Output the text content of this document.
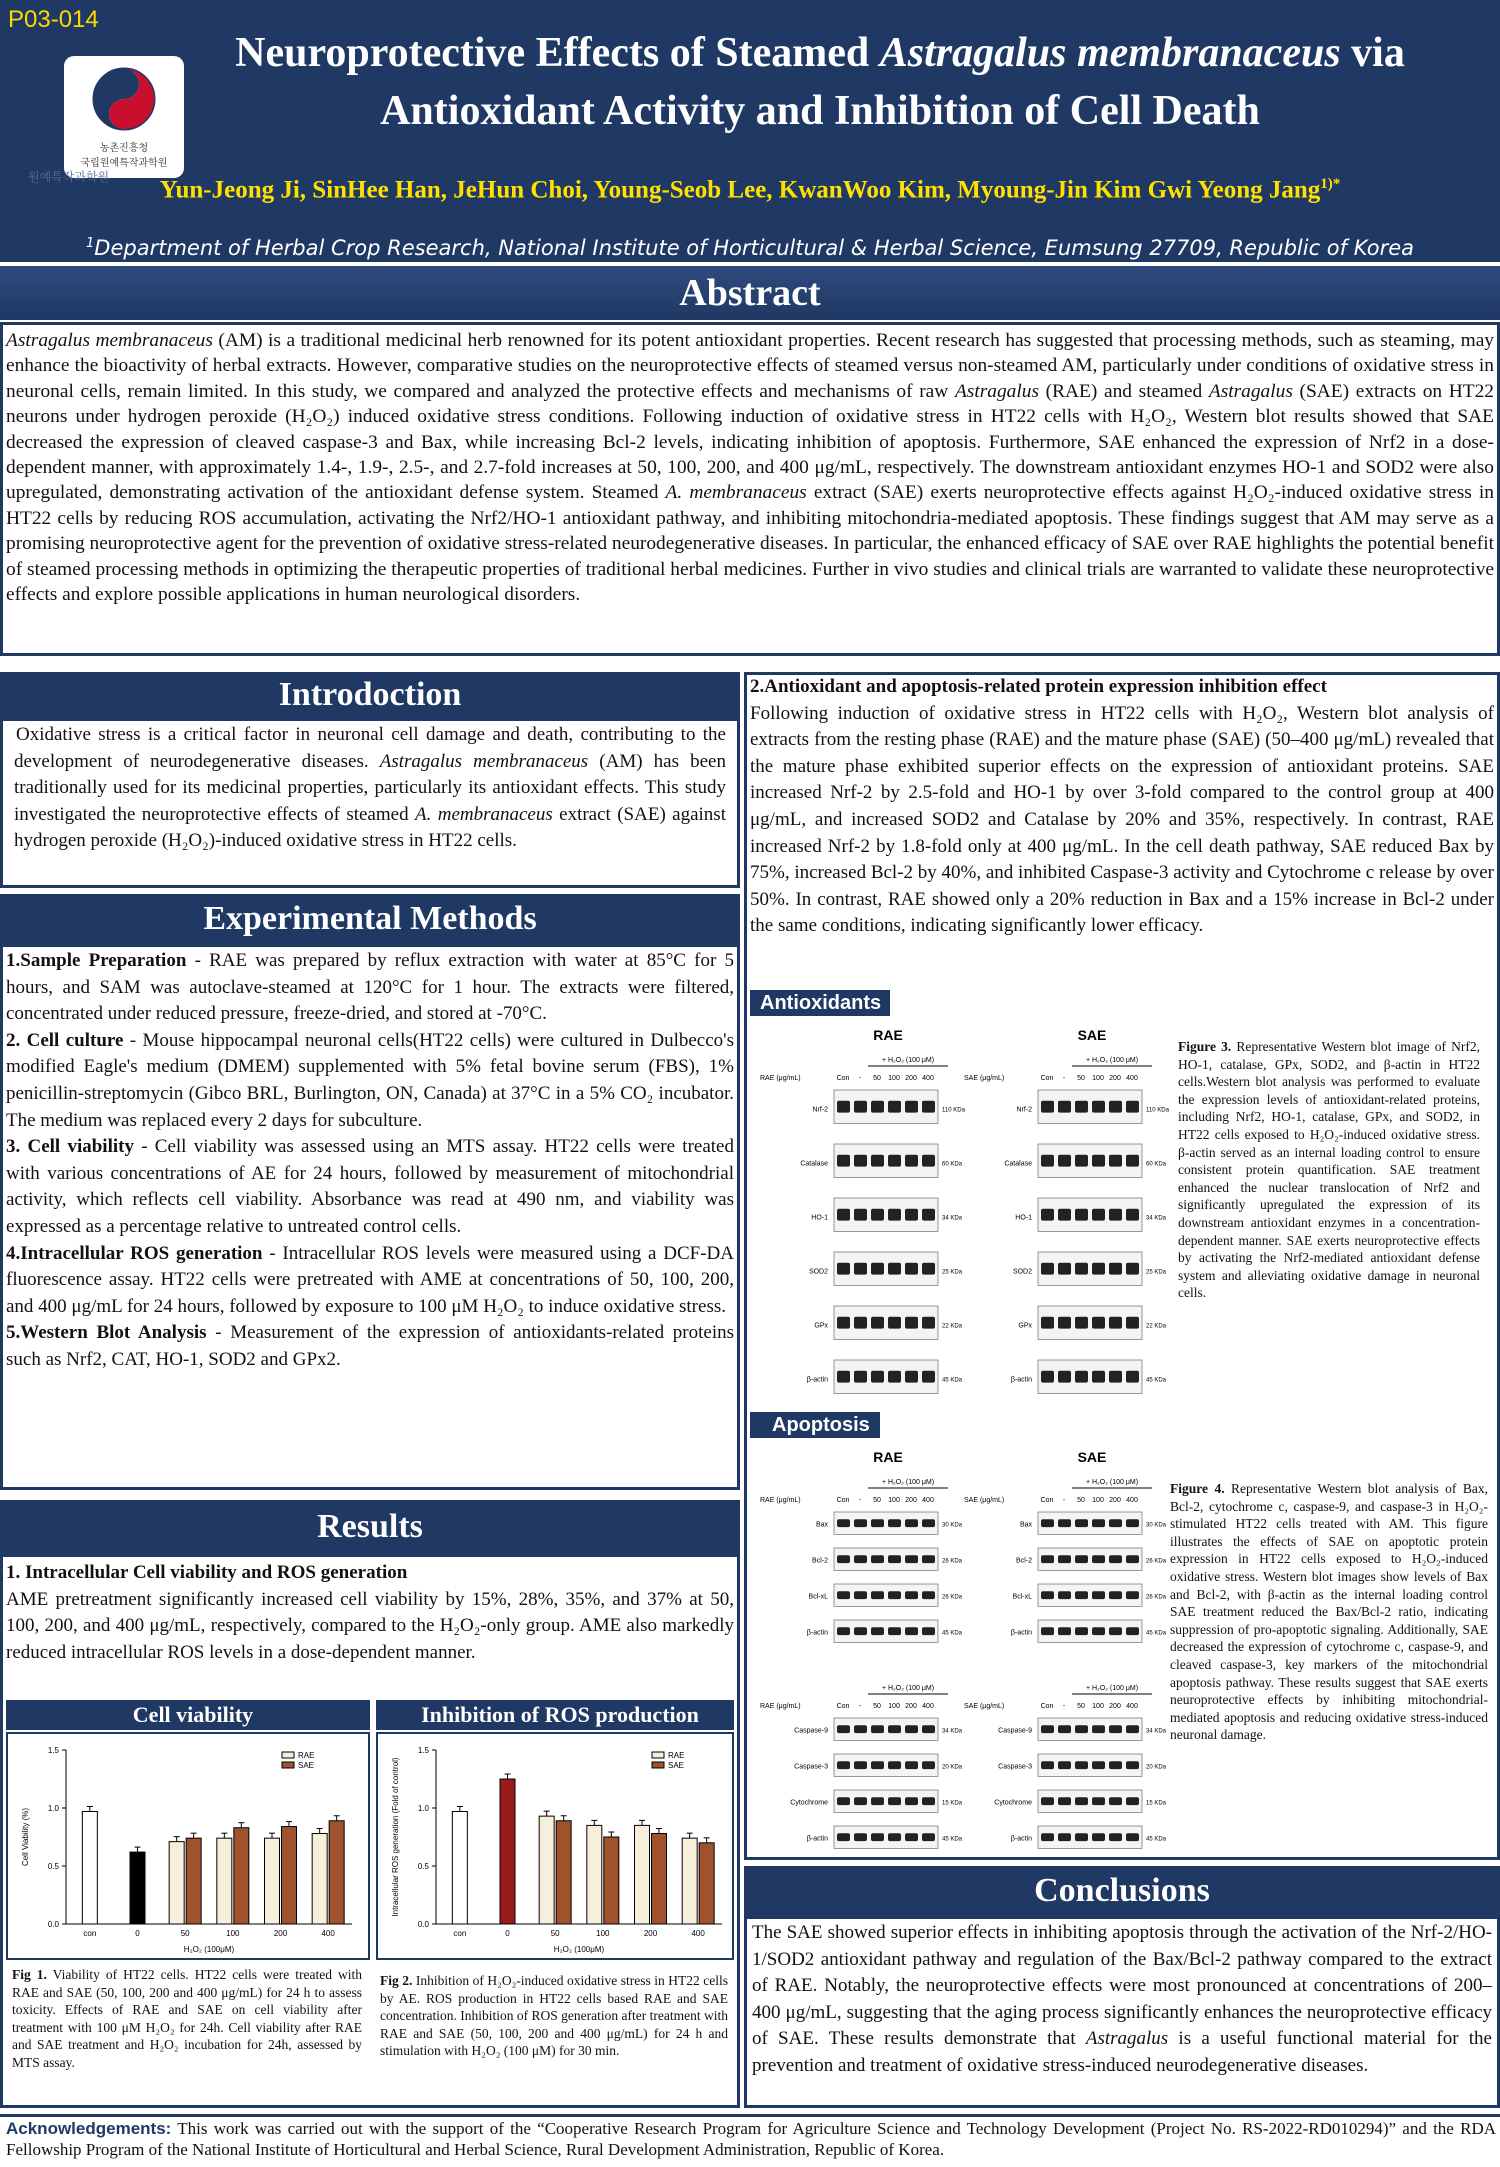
P03-014
농촌진흥청
국립원예특작과학원
원예특작과학원
Neuroprotective Effects of Steamed Astragalus membranaceus via
Antioxidant Activity and Inhibition of Cell Death
Yun-Jeong Ji, SinHee Han, JeHun Choi, Young-Seob Lee, KwanWoo Kim, Myoung-Jin Kim Gwi Yeong Jang$^{1)*}$
$^1$Department of Herbal Crop Research, National Institute of Horticultural & Herbal Science, Eumsung 27709, Republic of Korea
Abstract
Astragalus membranaceus (AM) is a traditional medicinal herb renowned for its potent antioxidant properties. Recent research has suggested that processing methods, such as steaming, may enhance the bioactivity of herbal extracts. However, comparative studies on the neuroprotective effects of steamed versus non-steamed AM, particularly under conditions of oxidative stress in neuronal cells, remain limited. In this study, we compared and analyzed the protective effects and mechanisms of raw Astragalus (RAE) and steamed Astragalus (SAE) extracts on HT22 neurons under hydrogen peroxide (H₂O₂) induced oxidative stress conditions. Following induction of oxidative stress in HT22 cells with H₂O₂, Western blot results showed that SAE decreased the expression of cleaved caspase-3 and Bax, while increasing Bcl-2 levels, indicating inhibition of apoptosis. Furthermore, SAE enhanced the expression of Nrf2 in a dose-dependent manner, with approximately 1.4-, 1.9-, 2.5-, and 2.7-fold increases at 50, 100, 200, and 400 μg/mL, respectively. The downstream antioxidant enzymes HO-1 and SOD2 were also upregulated, demonstrating activation of the antioxidant defense system. Steamed A. membranaceus extract (SAE) exerts neuroprotective effects against H₂O₂-induced oxidative stress in HT22 cells by reducing ROS accumulation, activating the Nrf2/HO-1 antioxidant pathway, and inhibiting mitochondria-mediated apoptosis. These findings suggest that AM may serve as a promising neuroprotective agent for the prevention of oxidative stress-related neurodegenerative diseases. In particular, the enhanced efficacy of SAE over RAE highlights the potential benefit of steamed processing methods in optimizing the therapeutic properties of traditional herbal medicines. Further in vivo studies and clinical trials are warranted to validate these neuroprotective effects and explore possible applications in human neurological disorders.
Introdoction
Oxidative stress is a critical factor in neuronal cell damage and death, contributing to the development of neurodegenerative diseases. Astragalus membranaceus (AM) has been traditionally used for its medicinal properties, particularly its antioxidant effects. This study investigated the neuroprotective effects of steamed A. membranaceus extract (SAE) against hydrogen peroxide (H₂O₂)-induced oxidative stress in HT22 cells.
Experimental Methods
1.Sample Preparation - RAE was prepared by reflux extraction with water at 85°C for 5 hours, and SAM was autoclave-steamed at 120°C for 1 hour. The extracts were filtered, concentrated under reduced pressure, freeze-dried, and stored at -70°C.
2. Cell culture - Mouse hippocampal neuronal cells(HT22 cells) were cultured in Dulbecco's modified Eagle's medium (DMEM) supplemented with 5% fetal bovine serum (FBS), 1% penicillin-streptomycin (Gibco BRL, Burlington, ON, Canada) at 37°C in a 5% CO₂ incubator. The medium was replaced every 2 days for subculture.
3. Cell viability - Cell viability was assessed using an MTS assay. HT22 cells were treated with various concentrations of AE for 24 hours, followed by measurement of mitochondrial activity, which reflects cell viability. Absorbance was read at 490 nm, and viability was expressed as a percentage relative to untreated control cells.
4.Intracellular ROS generation - Intracellular ROS levels were measured using a DCF-DA fluorescence assay. HT22 cells were pretreated with AME at concentrations of 50, 100, 200, and 400 μg/mL for 24 hours, followed by exposure to 100 μM H₂O₂ to induce oxidative stress.
5.Western Blot Analysis - Measurement of the expression of antioxidants-related proteins such as Nrf2, CAT, HO-1, SOD2 and GPx2.
Results
1. Intracellular Cell viability and ROS generation
AME pretreatment significantly increased cell viability by 15%, 28%, 35%, and 37% at 50, 100, 200, and 400 μg/mL, respectively, compared to the H₂O₂-only group. AME also markedly reduced intracellular ROS levels in a dose-dependent manner.
Cell viability	Inhibition of ROS production
0.0
0.5
1.0
1.5
Cell Viability (%)
con	0	50	100	200	400
H₂O₂ (100μM)
RAE
SAE
0.0
0.5
1.0
1.5
Intracellular ROS generation (Fold of control)
con	0	50	100	200	400
H₂O₂ (100μM)
RAE
SAE
Fig 1. Viability of HT22 cells. HT22 cells were treated with RAE and SAE (50, 100, 200 and 400 μg/mL) for 24 h to assess toxicity. Effects of RAE and SAE on cell viability after treatment with 100 μM H₂O₂ for 24h. Cell viability after RAE and SAE treatment and H₂O₂ incubation for 24h, assessed by MTS assay.
Fig 2. Inhibition of H₂O₂-induced oxidative stress in HT22 cells by AE. ROS production in HT22 cells based RAE and SAE concentration. Inhibition of ROS generation after treatment with RAE and SAE (50, 100, 200 and 400 μg/mL) for 24 h and stimulation with H₂O₂ (100 μM) for 30 min.
2.Antioxidant and apoptosis-related protein expression inhibition effect
Following induction of oxidative stress in HT22 cells with H₂O₂, Western blot analysis of extracts from the resting phase (RAE) and the mature phase (SAE) (50–400 μg/mL) revealed that the mature phase exhibited superior effects on the expression of antioxidant proteins. SAE increased Nrf-2 by 2.5-fold and HO-1 by over 3-fold compared to the control group at 400 μg/mL, and increased SOD2 and Catalase by 20% and 35%, respectively. In contrast, RAE increased Nrf-2 by 1.8-fold only at 400 μg/mL. In the cell death pathway, SAE reduced Bax by 75%, increased Bcl-2 by 40%, and inhibited Caspase-3 activity and Cytochrome c release by over 50%. In contrast, RAE showed only a 20% reduction in Bax and a 15% increase in Bcl-2 under the same conditions, indicating significantly lower efficacy.
Antioxidants
RAE
+ H₂O₂ (100 μM)
RAE (μg/mL)	Con - 50 100 200 400
Nrf-2	110 KDa
Catalase	60 KDa
HO-1	34 KDa
SOD2	25 KDa
GPx	22 KDa
β-actin	45 KDa
SAE
+ H₂O₂ (100 μM)
SAE (μg/mL)	Con - 50 100 200 400
Nrf-2	110 KDa
Catalase	60 KDa
HO-1	34 KDa
SOD2	25 KDa
GPx	22 KDa
β-actin	45 KDa
Figure 3. Representative Western blot image of Nrf2, HO-1, catalase, GPx, SOD2, and β-actin in HT22 cells.Western blot analysis was performed to evaluate the expression levels of antioxidant-related proteins, including Nrf2, HO-1, catalase, GPx, and SOD2, in HT22 cells exposed to H₂O₂-induced oxidative stress. β-actin served as an internal loading control to ensure consistent protein quantification. SAE treatment enhanced the nuclear translocation of Nrf2 and significantly upregulated the expression of its downstream antioxidant enzymes in a concentration-dependent manner. SAE exerts neuroprotective effects by activating the Nrf2-mediated antioxidant defense system and alleviating oxidative damage in neuronal cells.
Apoptosis
RAE
+ H₂O₂ (100 μM)
RAE (μg/mL)	Con - 50 100 200 400
Bax	30 KDa
Bcl-2	26 KDa
Bcl-xL	26 KDa
β-actin	45 KDa
SAE
+ H₂O₂ (100 μM)
SAE (μg/mL)	Con - 50 100 200 400
Bax	30 KDa
Bcl-2	26 KDa
Bcl-xL	26 KDa
β-actin	45 KDa
+ H₂O₂ (100 μM)
RAE (μg/mL)	Con - 50 100 200 400
Caspase-9	34 KDa
Caspase-3	20 KDa
Cytochrome	15 KDa
β-actin	45 KDa
+ H₂O₂ (100 μM)
SAE (μg/mL)	Con - 50 100 200 400
Caspase-9	34 KDa
Caspase-3	20 KDa
Cytochrome	15 KDa
β-actin	45 KDa
Figure 4. Representative Western blot analysis of Bax, Bcl-2, cytochrome c, caspase-9, and caspase-3 in H₂O₂-stimulated HT22 cells treated with AM. This figure illustrates the effects of SAE on apoptotic protein expression in HT22 cells exposed to H₂O₂-induced oxidative stress. Western blot images show levels of Bax and Bcl-2, with β-actin as the internal loading control SAE treatment reduced the Bax/Bcl-2 ratio, indicating suppression of pro-apoptotic signaling. Additionally, SAE decreased the expression of cytochrome c, caspase-9, and cleaved caspase-3, key markers of the mitochondrial apoptosis pathway. These results suggest that SAE exerts neuroprotective effects by inhibiting mitochondrial-mediated apoptosis and reducing oxidative stress-induced neuronal damage.
Conclusions
The SAE showed superior effects in inhibiting apoptosis through the activation of the Nrf-2/HO-1/SOD2 antioxidant pathway and regulation of the Bax/Bcl-2 pathway compared to the extract of RAE. Notably, the neuroprotective effects were most pronounced at concentrations of 200–400 μg/mL, suggesting that the aging process significantly enhances the neuroprotective efficacy of SAE. These results demonstrate that Astragalus is a useful functional material for the prevention and treatment of oxidative stress-induced neurodegenerative diseases.
Acknowledgements: This work was carried out with the support of the “Cooperative Research Program for Agriculture Science and Technology Development (Project No. RS-2022-RD010294)” and the RDA Fellowship Program of the National Institute of Horticultural and Herbal Science, Rural Development Administration, Republic of Korea.
